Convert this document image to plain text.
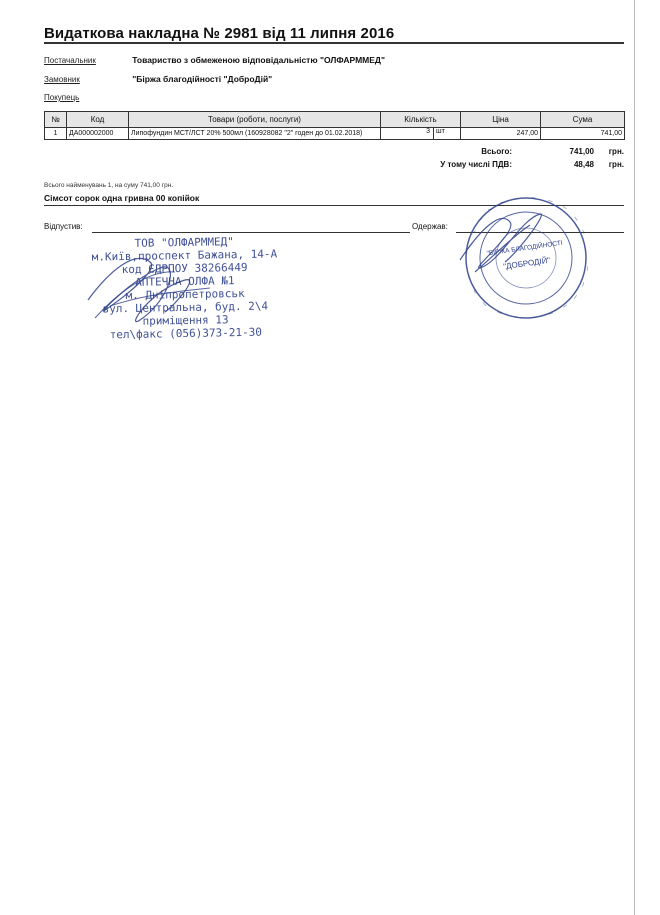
Видаткова накладна № 2981 від 11 липня 2016
Постачальник	Товариство з обмеженою відповідальністю "ОЛФАРММЕД"
Замовник	"Біржа благодійності "ДоброДій"
Покупець
№	Код	Товари (роботи, послуги)	Кількість	Ціна	Сума
1	ДА000002000	Липофундин МСТ/ЛСТ 20% 500мл (160928082 "2" годен до 01.02.2018)	3 шт	247,00	741,00
Всього:	741,00	грн.
У тому числі ПДВ:	48,48	грн.
Всього найменувань 1, на суму 741,00 грн.
Сімсот сорок одна гривна 00 копійок
Відпустив:	Одержав:
ТОВ "ОЛФАРММЕД"
м.Київ,проспект Бажана, 14-А
код ЄДРПОУ 38266449
АПТЕЧНА ОЛФА №1
м. Дніпропетровськ
вул. Центральна, буд. 2\4
приміщення 13
тел\факс (056)373-21-30
"БІРЖА БЛАГОДІЙНОСТІ
"ДОБРОДІЙ"
